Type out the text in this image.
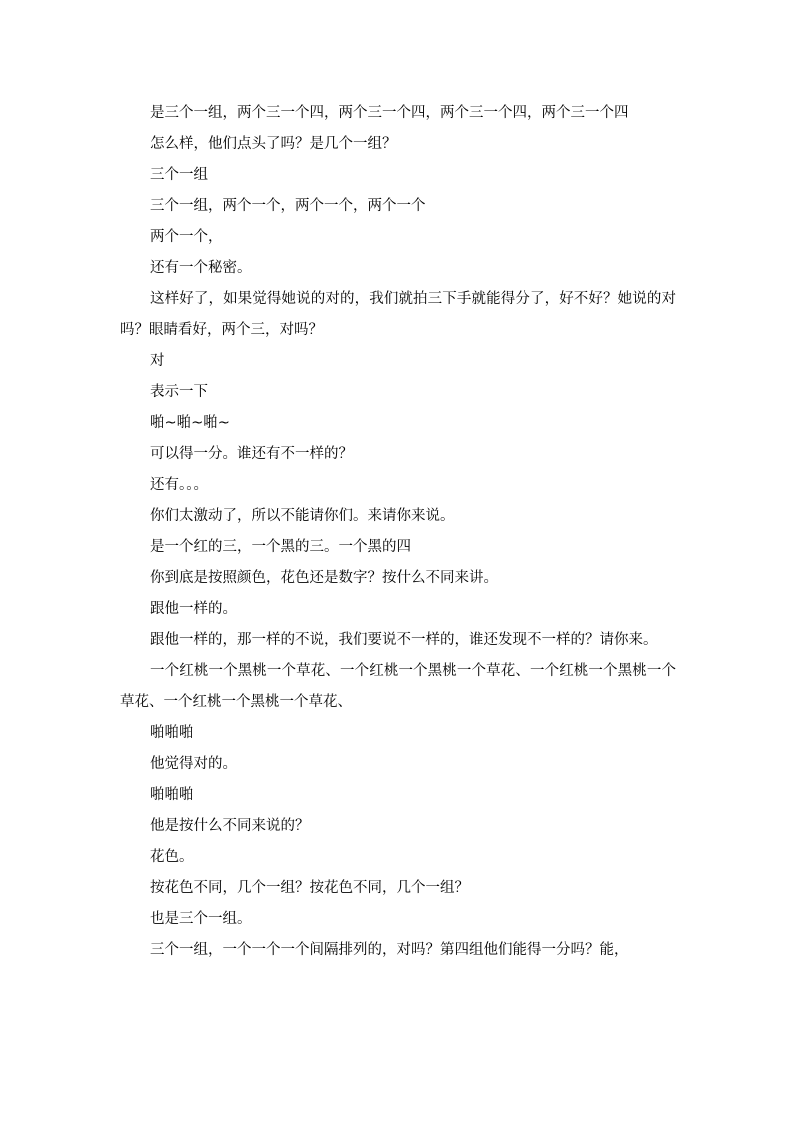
是三个一组，两个三一个四，两个三一个四，两个三一个四，两个三一个四

怎么样，他们点头了吗？是几个一组？

三个一组

三个一组，两个一个，两个一个，两个一个

两个一个，

还有一个秘密。

这样好了，如果觉得她说的对的，我们就拍三下手就能得分了，好不好？她说的对吗？眼睛看好，两个三，对吗？

对

表示一下

啪~啪~啪~

可以得一分。谁还有不一样的？

还有。。。

你们太激动了，所以不能请你们。来请你来说。

是一个红的三，一个黑的三。一个黑的四

你到底是按照颜色，花色还是数字？按什么不同来讲。

跟他一样的。

跟他一样的，那一样的不说，我们要说不一样的，谁还发现不一样的？请你来。

一个红桃一个黑桃一个草花、一个红桃一个黑桃一个草花、一个红桃一个黑桃一个草花、一个红桃一个黑桃一个草花、

啪啪啪

他觉得对的。

啪啪啪

他是按什么不同来说的？

花色。

按花色不同，几个一组？按花色不同，几个一组？

也是三个一组。

三个一组，一个一个一个间隔排列的，对吗？第四组他们能得一分吗？能，
